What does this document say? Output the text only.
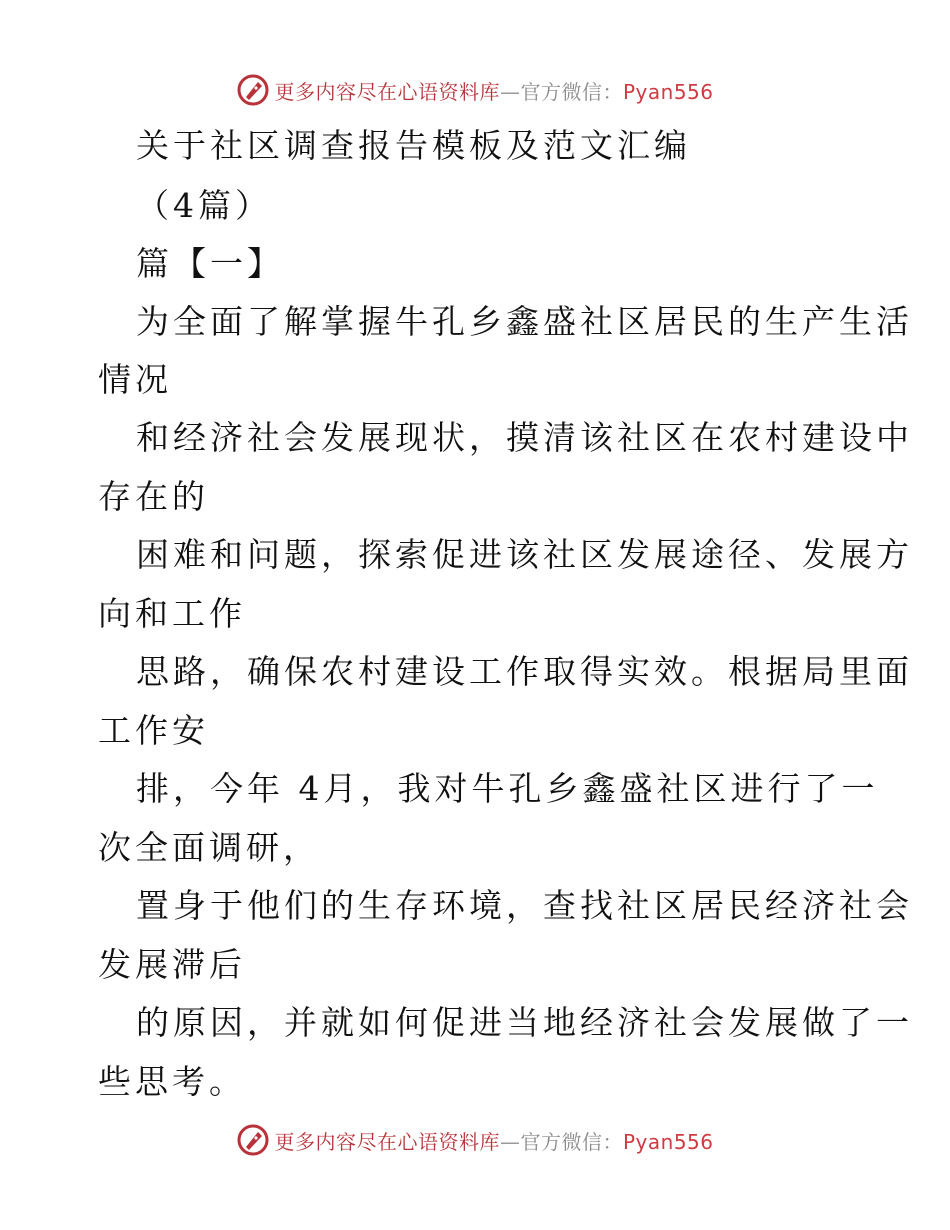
更多内容尽在心语资料库—官方微信：Pyan556
关于社区调查报告模板及范文汇编
（4篇）
篇【一】
为全面了解掌握牛孔乡鑫盛社区居民的生产生活
情况
和经济社会发展现状，摸清该社区在农村建设中
存在的
困难和问题，探索促进该社区发展途径、发展方
向和工作
思路，确保农村建设工作取得实效。根据局里面
工作安
排，今年 4月，我对牛孔乡鑫盛社区进行了一
次全面调研，
置身于他们的生存环境，查找社区居民经济社会
发展滞后
的原因，并就如何促进当地经济社会发展做了一
些思考。
更多内容尽在心语资料库—官方微信：Pyan556
